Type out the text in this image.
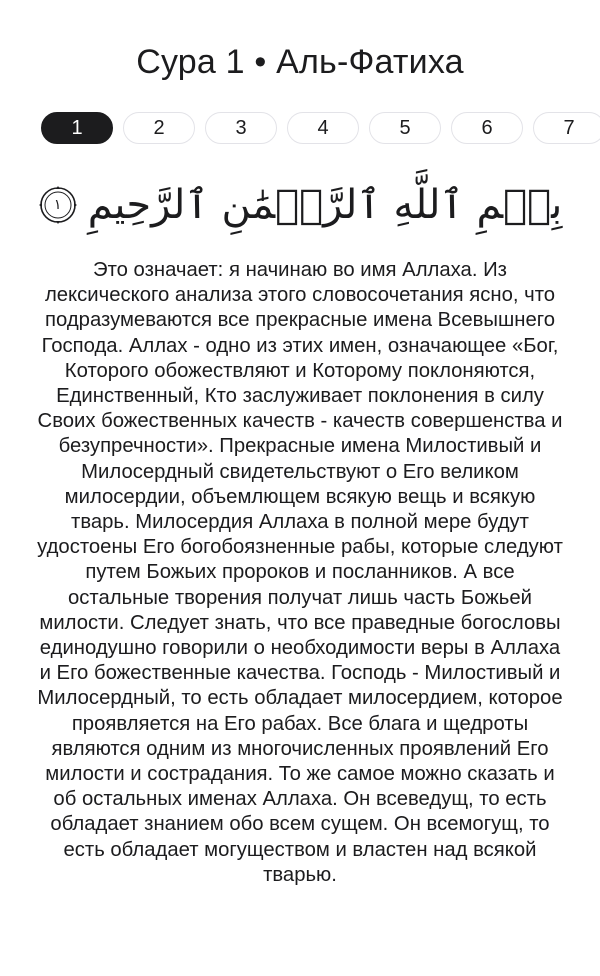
Сура 1 • Аль-Фатиха
1	2	3	4	5	6	7
١ بِسۡمِ ٱللَّهِ ٱلرَّحۡمَٰنِ ٱلرَّحِيمِ

Это означает: я начинаю во имя Аллаха. Из лексического анализа этого словосочетания ясно, что подразумеваются все прекрасные имена Всевышнего Господа. Аллах - одно из этих имен, означающее «Бог, Которого обожествляют и Которому поклоняются, Единственный, Кто заслуживает поклонения в силу Своих божественных качеств - качеств совершенства и безупречности». Прекрасные имена Милостивый и Милосердный свидетельствуют о Его великом милосердии, объемлющем всякую вещь и всякую тварь. Милосердия Аллаха в полной мере будут удостоены Его богобоязненные рабы, которые следуют путем Божьих пророков и посланников. А все остальные творения получат лишь часть Божьей милости. Следует знать, что все праведные богословы единодушно говорили о необходимости веры в Аллаха и Его божественные качества. Господь - Милостивый и Милосердный, то есть обладает милосердием, которое проявляется на Его рабах. Все блага и щедроты являются одним из многочисленных проявлений Его милости и сострадания. То же самое можно сказать и об остальных именах Аллаха. Он всеведущ, то есть обладает знанием обо всем сущем. Он всемогущ, то есть обладает могуществом и властен над всякой тварью.
